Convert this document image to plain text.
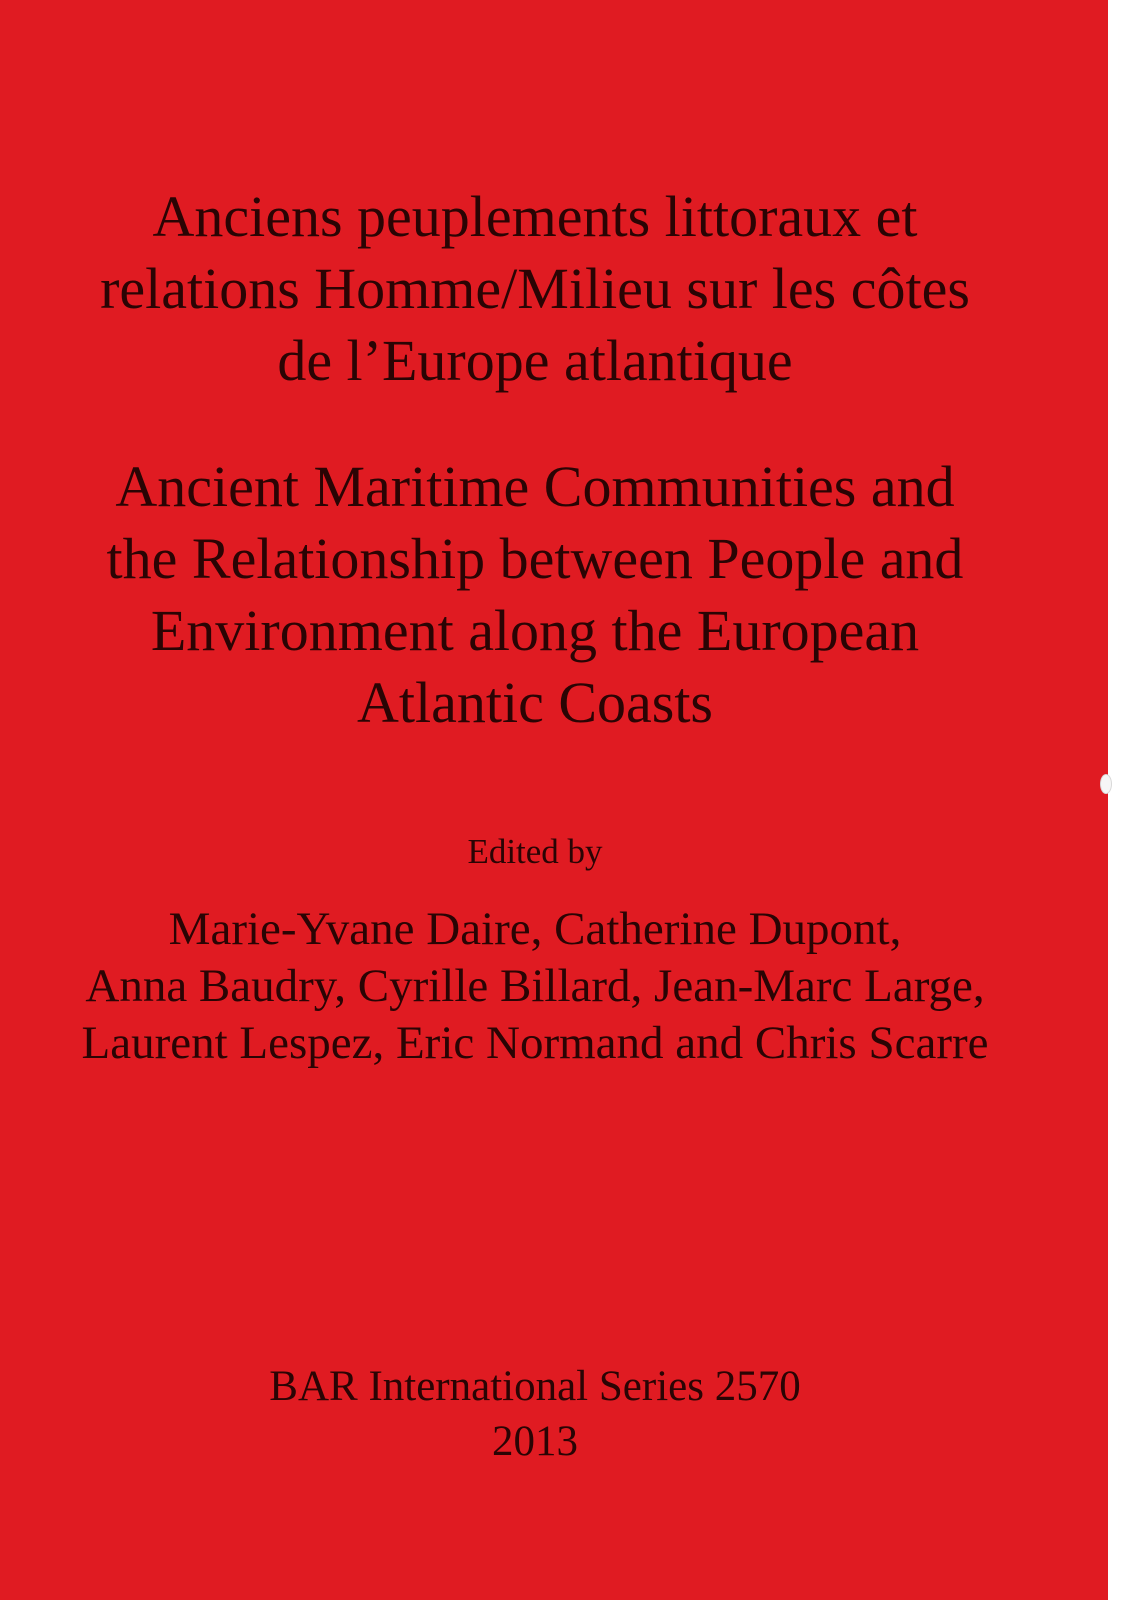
Anciens peuplements littoraux et
relations Homme/Milieu sur les côtes
de l’Europe atlantique
Ancient Maritime Communities and
the Relationship between People and
Environment along the European
Atlantic Coasts
Edited by
Marie-Yvane Daire, Catherine Dupont,
Anna Baudry, Cyrille Billard, Jean-Marc Large,
Laurent Lespez, Eric Normand and Chris Scarre
BAR International Series 2570
2013
